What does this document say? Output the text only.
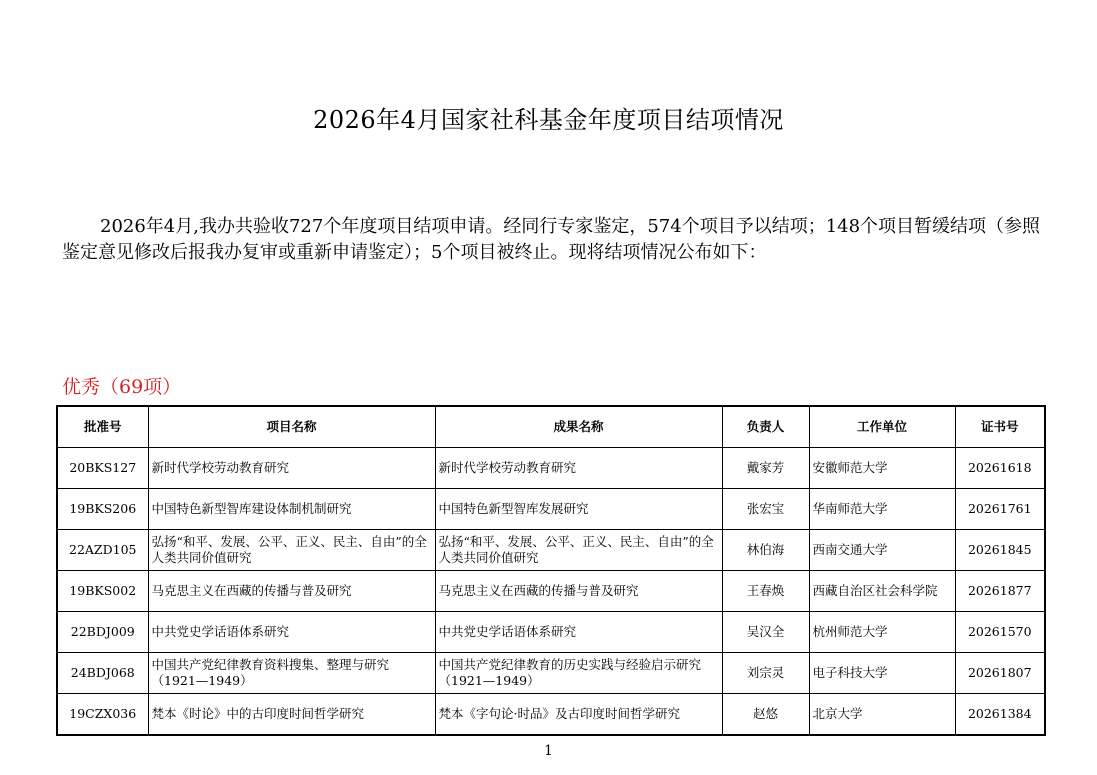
2026年4月国家社科基金年度项目结项情况

2026年4月,我办共验收727个年度项目结项申请。经同行专家鉴定，574个项目予以结项；148个项目暂缓结项（参照鉴定意见修改后报我办复审或重新申请鉴定）；5个项目被终止。现将结项情况公布如下：

优秀（69项）
批准号	项目名称	成果名称	负责人	工作单位	证书号
20BKS127	新时代学校劳动教育研究	新时代学校劳动教育研究	戴家芳	安徽师范大学	20261618
19BKS206	中国特色新型智库建设体制机制研究	中国特色新型智库发展研究	张宏宝	华南师范大学	20261761
22AZD105	弘扬“和平、发展、公平、正义、民主、自由”的全人类共同价值研究	弘扬“和平、发展、公平、正义、民主、自由”的全人类共同价值研究	林伯海	西南交通大学	20261845
19BKS002	马克思主义在西藏的传播与普及研究	马克思主义在西藏的传播与普及研究	王春焕	西藏自治区社会科学院	20261877
22BDJ009	中共党史学话语体系研究	中共党史学话语体系研究	吴汉全	杭州师范大学	20261570
24BDJ068	中国共产党纪律教育资料搜集、整理与研究（1921—1949）	中国共产党纪律教育的历史实践与经验启示研究（1921—1949）	刘宗灵	电子科技大学	20261807
19CZX036	梵本《时论》中的古印度时间哲学研究	梵本《字句论·时品》及古印度时间哲学研究	赵悠	北京大学	20261384
1
